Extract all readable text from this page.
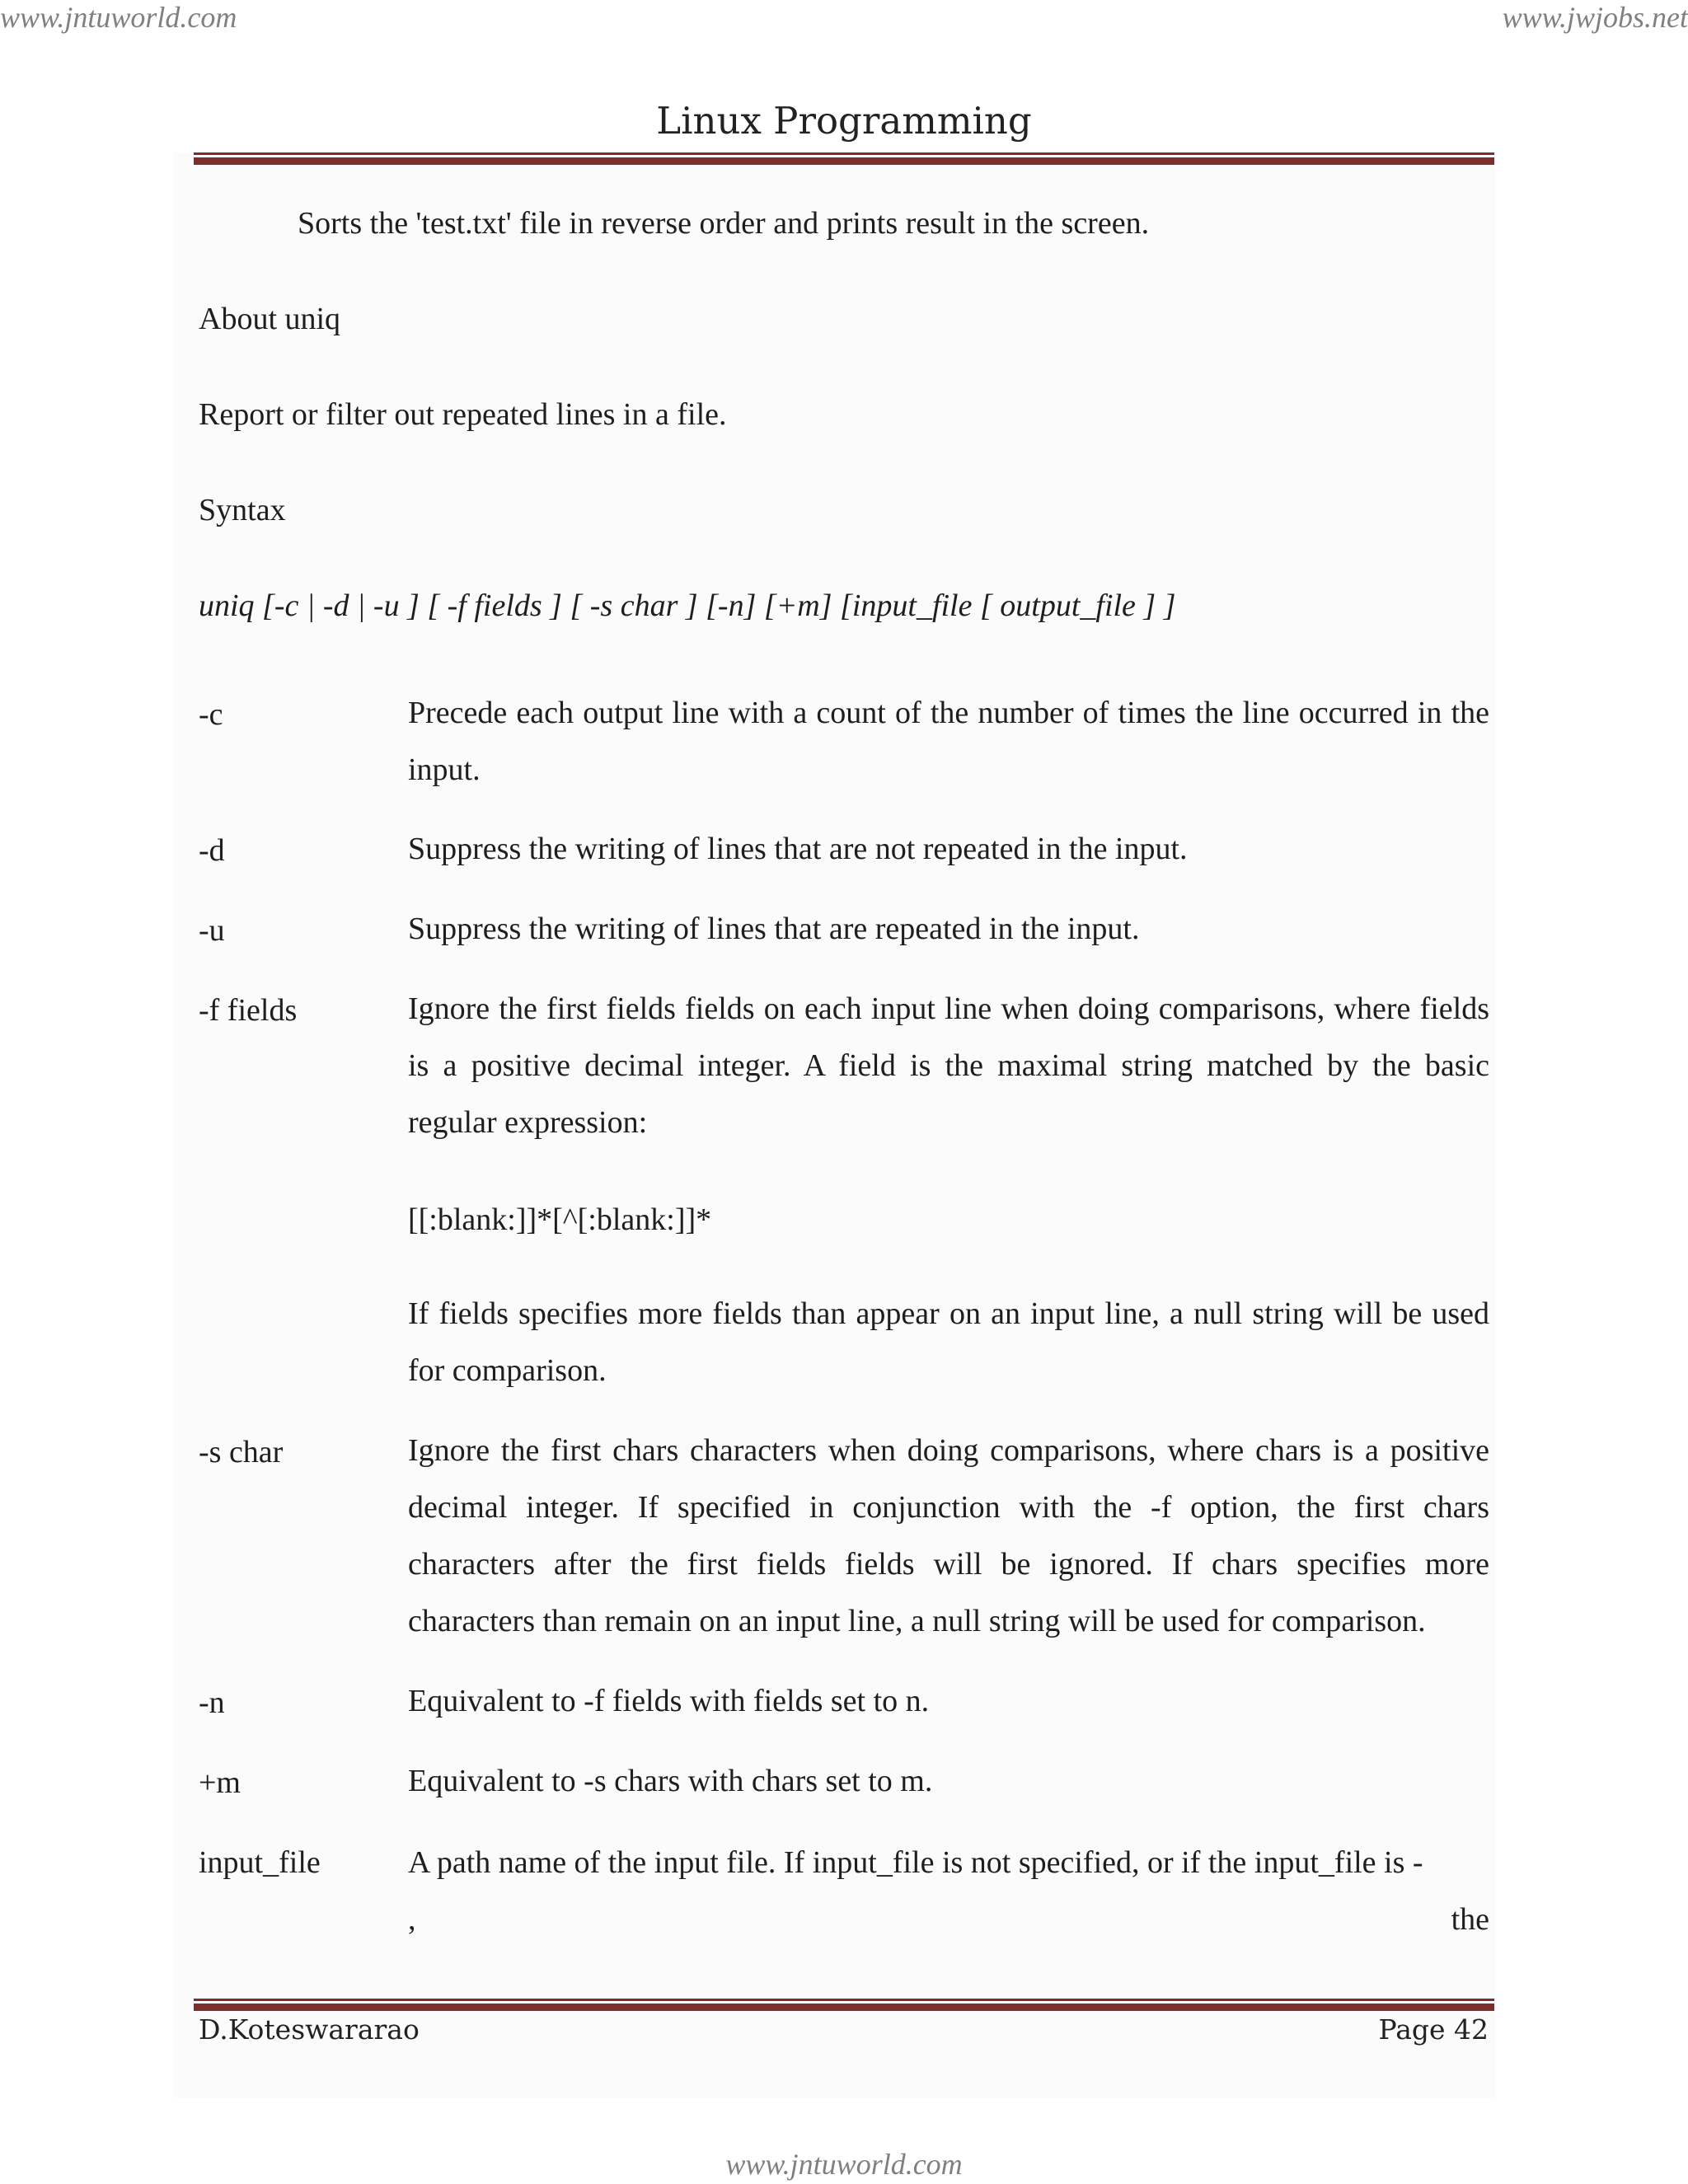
www.jntuworld.com	www.jwjobs.net
Linux Programming
Sorts the 'test.txt' file in reverse order and prints result in the screen.
About uniq
Report or filter out repeated lines in a file.
Syntax
uniq [-c | -d | -u ] [ -f fields ] [ -s char ] [-n] [+m] [input_file [ output_file ] ]
-c	Precede each output line with a count of the number of times the line occurred in the input.
-d	Suppress the writing of lines that are not repeated in the input.
-u	Suppress the writing of lines that are repeated in the input.
-f fields	Ignore the first fields fields on each input line when doing comparisons, where fields is a positive decimal integer. A field is the maximal string matched by the basic regular expression:
[[:blank:]]*[^[:blank:]]*
If fields specifies more fields than appear on an input line, a null string will be used for comparison.
-s char	Ignore the first chars characters when doing comparisons, where chars is a positive decimal integer. If specified in conjunction with the -f option, the first chars characters after the first fields fields will be ignored. If chars specifies more characters than remain on an input line, a null string will be used for comparison.
-n	Equivalent to -f fields with fields set to n.
+m	Equivalent to -s chars with chars set to m.
input_file	A path name of the input file. If input_file is not specified, or if the input_file is -
,	the
D.Koteswararao	Page 42
www.jntuworld.com
